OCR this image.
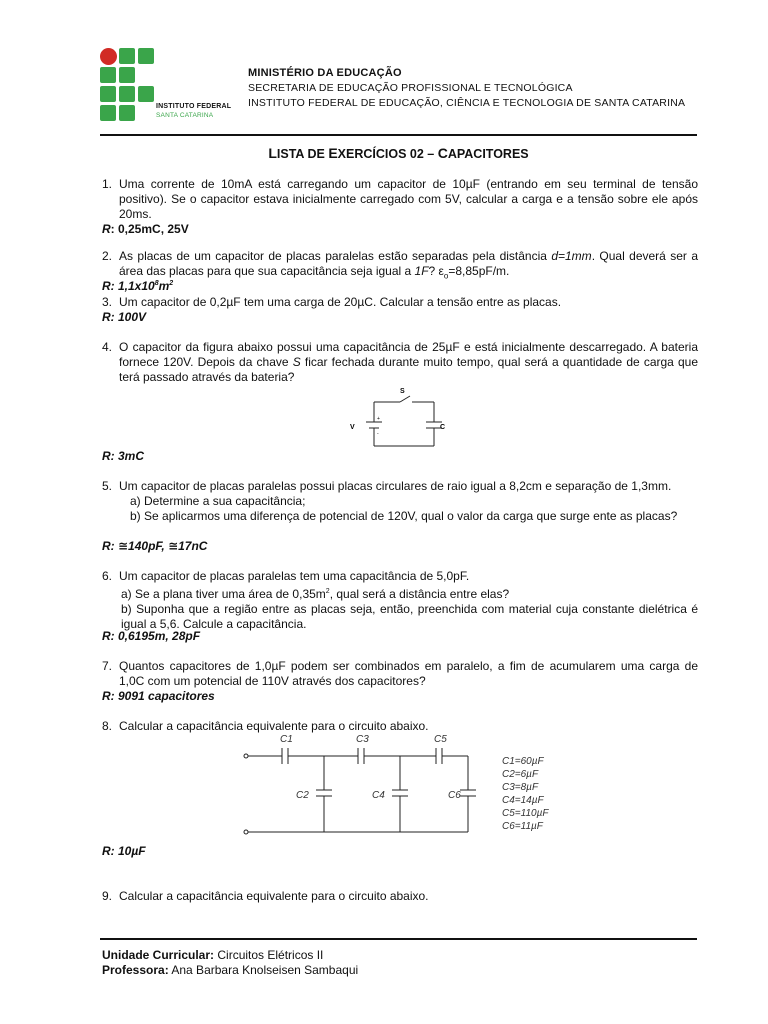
INSTITUTO FEDERAL
SANTA CATARINA
MINISTÉRIO DA EDUCAÇÃO
SECRETARIA DE EDUCAÇÃO PROFISSIONAL E TECNOLÓGICA
INSTITUTO FEDERAL DE EDUCAÇÃO, CIÊNCIA E TECNOLOGIA DE SANTA CATARINA
LISTA DE EXERCÍCIOS 02 – CAPACITORES
1. Uma corrente de 10mA está carregando um capacitor de 10µF (entrando em seu terminal de tensão positivo). Se o capacitor estava inicialmente carregado com 5V, calcular a carga e a tensão sobre ele após 20ms.
R: 0,25mC, 25V
2. As placas de um capacitor de placas paralelas estão separadas pela distância d=1mm. Qual deverá ser a área das placas para que sua capacitância seja igual a 1F? $\varepsilon_o=8,85pF/m$.
R: $1,1x10^8m^2$
3. Um capacitor de 0,2µF tem uma carga de 20µC. Calcular a tensão entre as placas.
R: 100V
4. O capacitor da figura abaixo possui uma capacitância de 25µF e está inicialmente descarregado. A bateria fornece 120V. Depois da chave S ficar fechada durante muito tempo, qual será a quantidade de carga que terá passado através da bateria?
S
V	C
+
-
R: 3mC
5. Um capacitor de placas paralelas possui placas circulares de raio igual a 8,2cm e separação de 1,3mm.
a) Determine a sua capacitância;
b) Se aplicarmos uma diferença de potencial de 120V, qual o valor da carga que surge ente as placas?
R: ≅140pF, ≅17nC
6. Um capacitor de placas paralelas tem uma capacitância de 5,0pF.
a) Se a plana tiver uma área de $0,35m^2$, qual será a distância entre elas?
b) Suponha que a região entre as placas seja, então, preenchida com material cuja constante dielétrica é igual a 5,6. Calcule a capacitância.
R: 0,6195m, 28pF
7. Quantos capacitores de 1,0µF podem ser combinados em paralelo, a fim de acumularem uma carga de 1,0C com um potencial de 110V através dos capacitores?
R: 9091 capacitores
8. Calcular a capacitância equivalente para o circuito abaixo.
C1
C2
C3
C4
C5
C6
C1=60µF
C2=6µF
C3=8µF
C4=14µF
C5=110µF
C6=11µF
R: 10µF
9. Calcular a capacitância equivalente para o circuito abaixo.
Unidade Curricular: Circuitos Elétricos II
Professora: Ana Barbara Knolseisen Sambaqui
